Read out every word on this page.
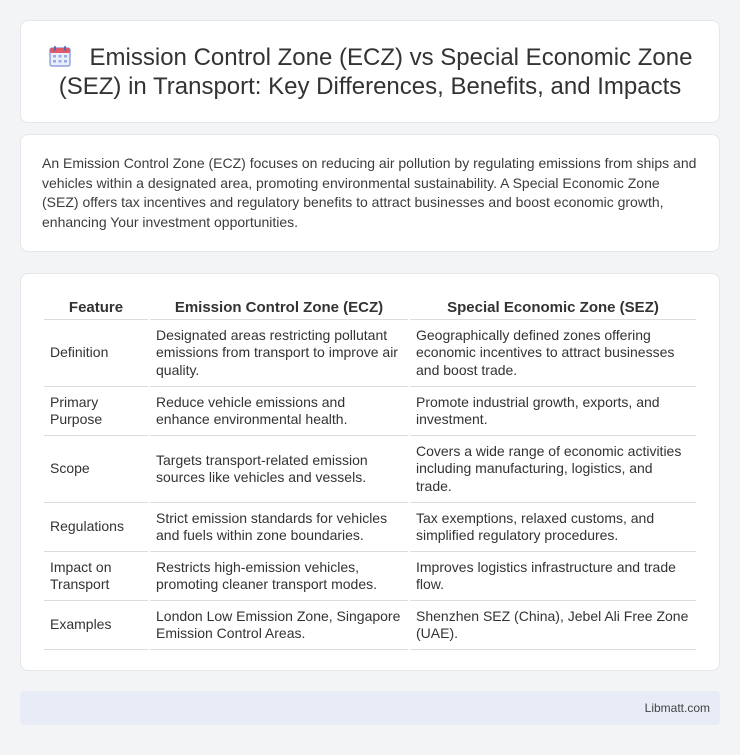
Emission Control Zone (ECZ) vs Special Economic Zone (SEZ) in Transport: Key Differences, Benefits, and Impacts

An Emission Control Zone (ECZ) focuses on reducing air pollution by regulating emissions from ships and vehicles within a designated area, promoting environmental sustainability. A Special Economic Zone (SEZ) offers tax incentives and regulatory benefits to attract businesses and boost economic growth, enhancing Your investment opportunities.

Feature	Emission Control Zone (ECZ)	Special Economic Zone (SEZ)
Definition	Designated areas restricting pollutant emissions from transport to improve air quality.	Geographically defined zones offering economic incentives to attract businesses and boost trade.
Primary Purpose	Reduce vehicle emissions and enhance environmental health.	Promote industrial growth, exports, and investment.
Scope	Targets transport-related emission sources like vehicles and vessels.	Covers a wide range of economic activities including manufacturing, logistics, and trade.
Regulations	Strict emission standards for vehicles and fuels within zone boundaries.	Tax exemptions, relaxed customs, and simplified regulatory procedures.
Impact on Transport	Restricts high-emission vehicles, promoting cleaner transport modes.	Improves logistics infrastructure and trade flow.
Examples	London Low Emission Zone, Singapore Emission Control Areas.	Shenzhen SEZ (China), Jebel Ali Free Zone (UAE).
Libmatt.com
